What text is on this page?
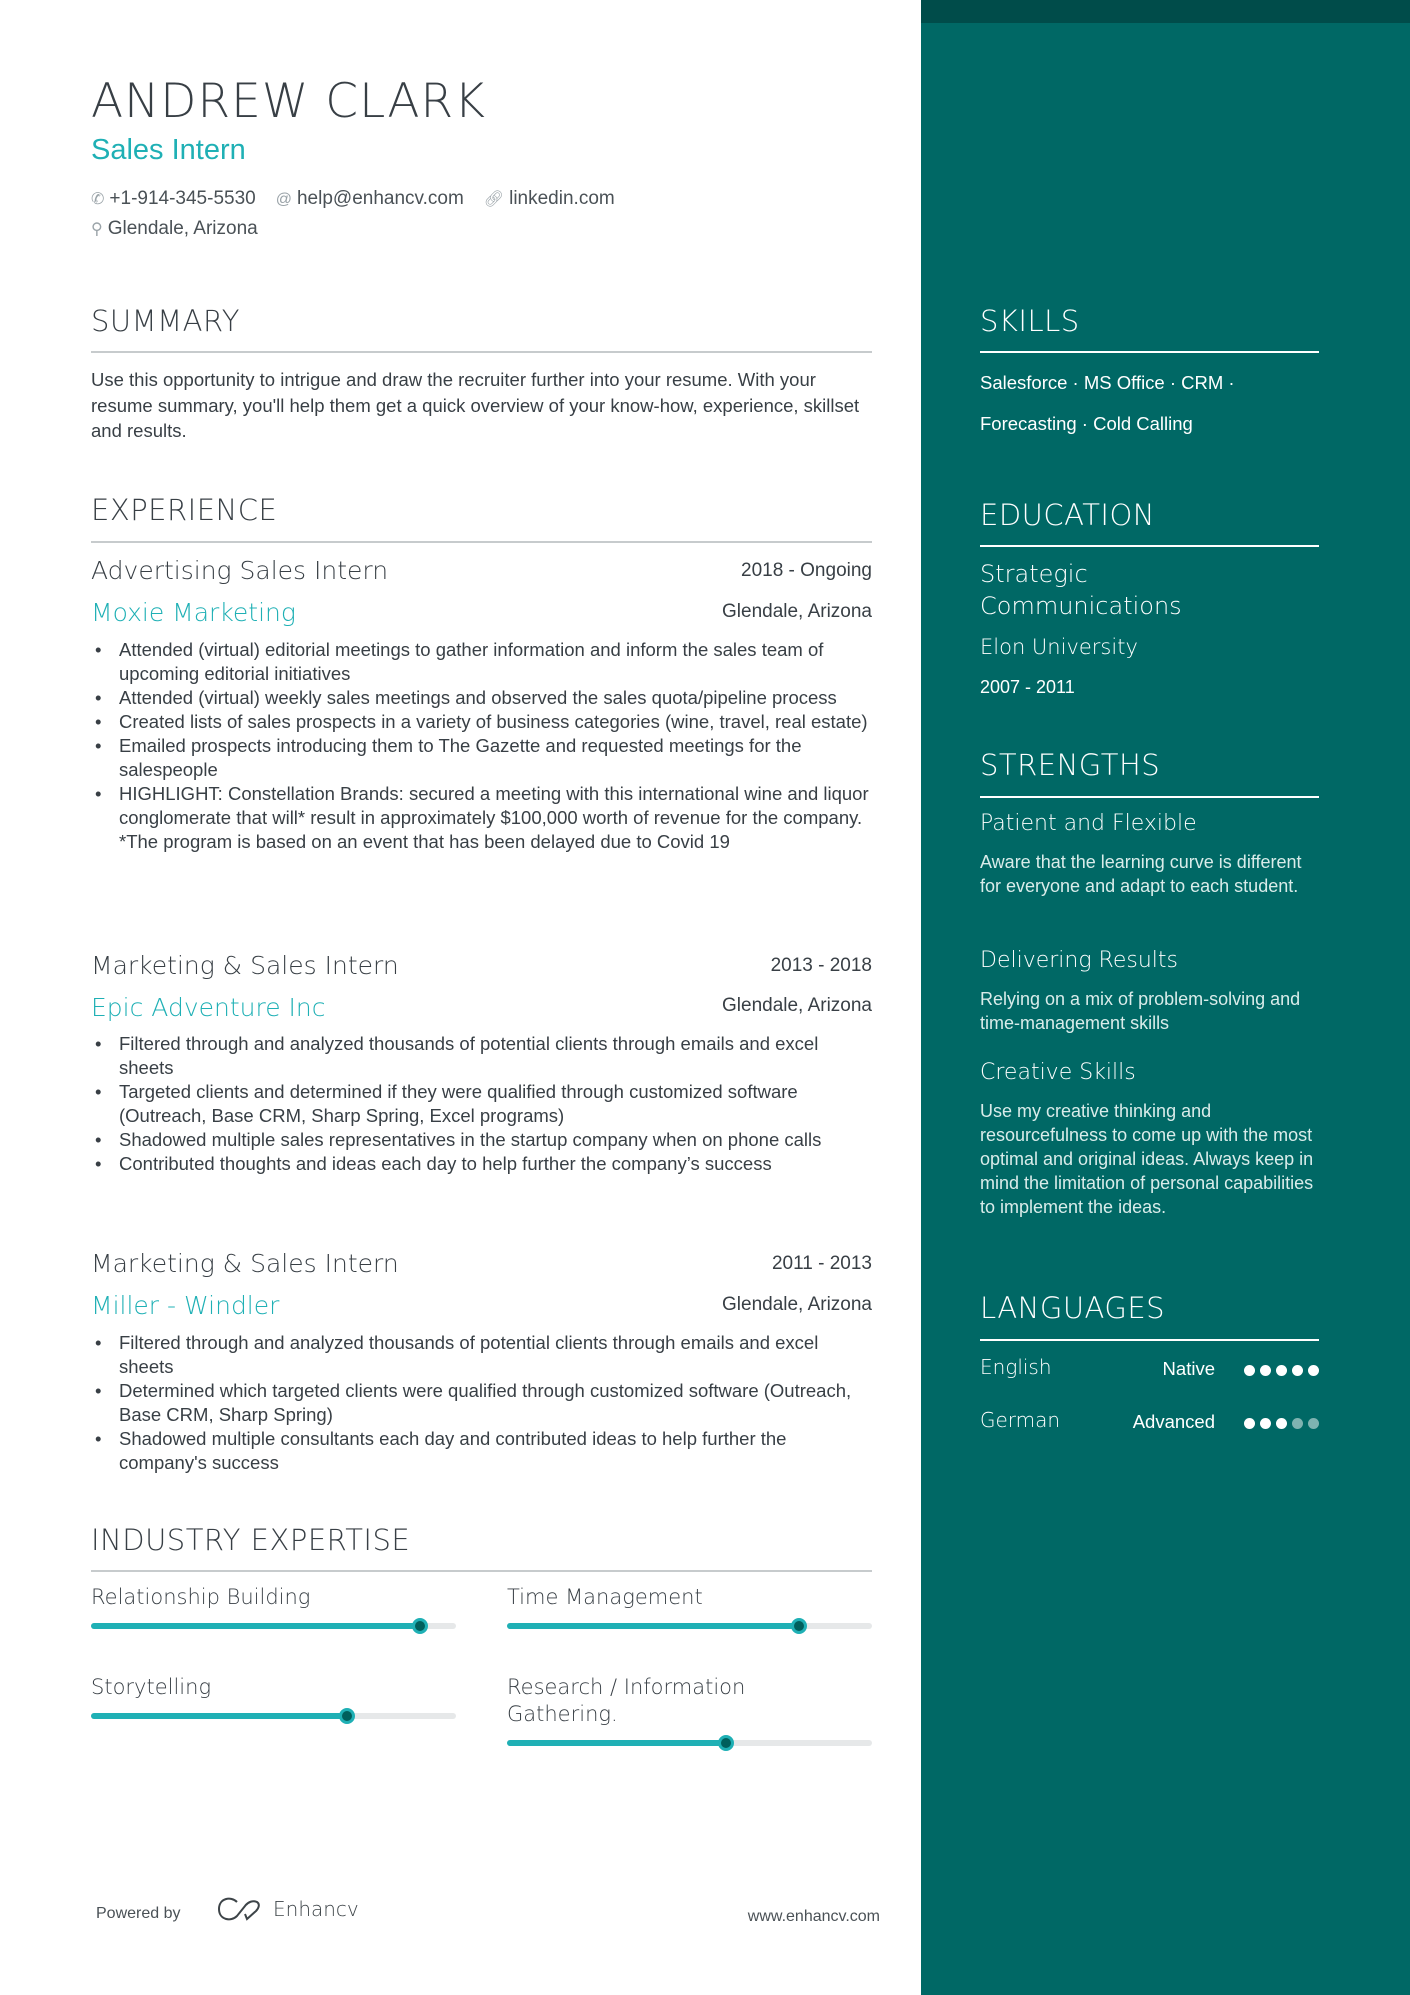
ANDREW CLARK
Sales Intern
✆ +1-914-345-5530 @ help@enhancv.com 🔗︎ linkedin.com
⚲ Glendale, Arizona
SUMMARY
Use this opportunity to intrigue and draw the recruiter further into your resume. With your resume summary, you'll help them get a quick overview of your know-how, experience, skillset and results.
EXPERIENCE
Advertising Sales Intern	2018 - Ongoing
Moxie Marketing	Glendale, Arizona
• Attended (virtual) editorial meetings to gather information and inform the sales team of upcoming editorial initiatives
• Attended (virtual) weekly sales meetings and observed the sales quota/pipeline process
• Created lists of sales prospects in a variety of business categories (wine, travel, real estate)
• Emailed prospects introducing them to The Gazette and requested meetings for the salespeople
• HIGHLIGHT: Constellation Brands: secured a meeting with this international wine and liquor conglomerate that will* result in approximately $100,000 worth of revenue for the company. *The program is based on an event that has been delayed due to Covid 19
Marketing & Sales Intern	2013 - 2018
Epic Adventure Inc	Glendale, Arizona
• Filtered through and analyzed thousands of potential clients through emails and excel sheets
• Targeted clients and determined if they were qualified through customized software (Outreach, Base CRM, Sharp Spring, Excel programs)
• Shadowed multiple sales representatives in the startup company when on phone calls
• Contributed thoughts and ideas each day to help further the company’s success
Marketing & Sales Intern	2011 - 2013
Miller - Windler	Glendale, Arizona
• Filtered through and analyzed thousands of potential clients through emails and excel sheets
• Determined which targeted clients were qualified through customized software (Outreach, Base CRM, Sharp Spring)
• Shadowed multiple consultants each day and contributed ideas to help further the company's success
INDUSTRY EXPERTISE
Relationship Building	Time Management
Storytelling	Research / Information Gathering.
Powered by	Enhancv	www.enhancv.com
SKILLS
Salesforce · MS Office · CRM ·
Forecasting · Cold Calling
EDUCATION
Strategic Communications
Elon University
2007 - 2011
STRENGTHS
Patient and Flexible
Aware that the learning curve is different for everyone and adapt to each student.
Delivering Results
Relying on a mix of problem-solving and time-management skills
Creative Skills
Use my creative thinking and resourcefulness to come up with the most optimal and original ideas. Always keep in mind the limitation of personal capabilities to implement the ideas.
LANGUAGES
English	Native
German	Advanced
